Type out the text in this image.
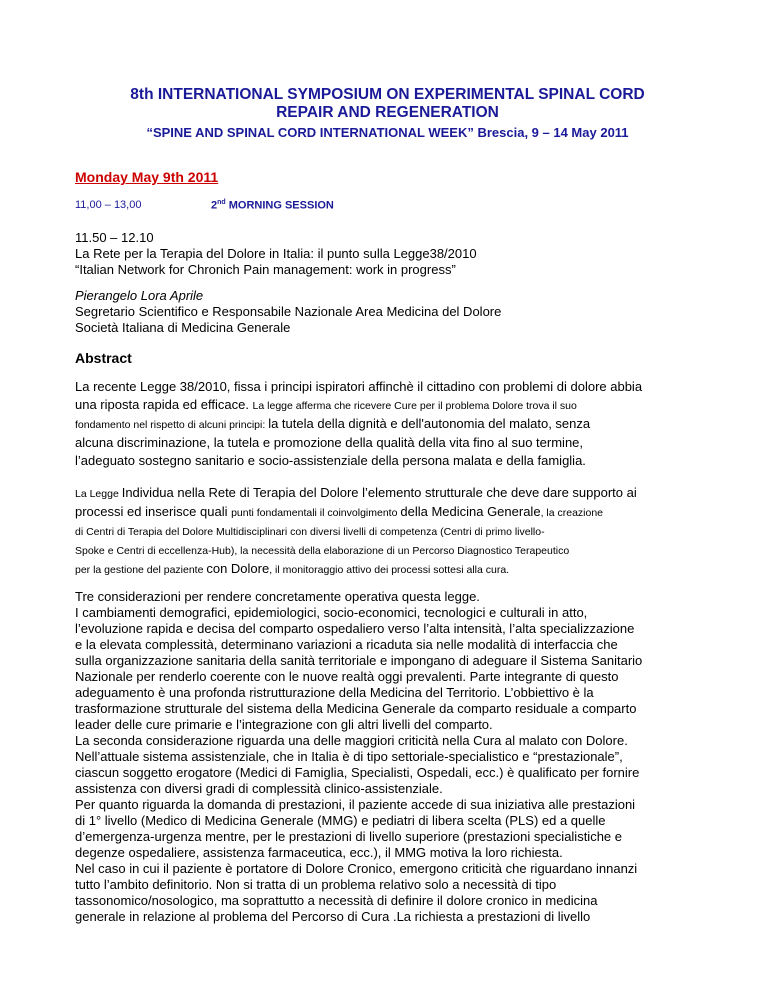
8th INTERNATIONAL SYMPOSIUM ON EXPERIMENTAL SPINAL CORD
REPAIR AND REGENERATION
“SPINE AND SPINAL CORD INTERNATIONAL WEEK” Brescia, 9 – 14 May 2011
Monday May 9th 2011
11,00 – 13,00	2nd MORNING SESSION
11.50 – 12.10
La Rete per la Terapia del Dolore in Italia: il punto sulla Legge38/2010
“Italian Network for Chronich Pain management: work in progress”
Pierangelo Lora Aprile
Segretario Scientifico e Responsabile Nazionale Area Medicina del Dolore
Società Italiana di Medicina Generale
Abstract
La recente Legge 38/2010, fissa i principi ispiratori affinchè il cittadino con problemi di dolore abbia
una riposta rapida ed efficace. La legge afferma che ricevere Cure per il problema Dolore trova il suo
fondamento nel rispetto di alcuni principi: la tutela della dignità e dell'autonomia del malato, senza
alcuna discriminazione, la tutela e promozione della qualità della vita fino al suo termine,
l’adeguato sostegno sanitario e socio-assistenziale della persona malata e della famiglia.
La Legge Individua nella Rete di Terapia del Dolore l’elemento strutturale che deve dare supporto ai
processi ed inserisce quali punti fondamentali il coinvolgimento della Medicina Generale, la creazione
di Centri di Terapia del Dolore Multidisciplinari con diversi livelli di competenza (Centri di primo livello-
Spoke e Centri di eccellenza-Hub), la necessità della elaborazione di un Percorso Diagnostico Terapeutico
per la gestione del paziente con Dolore, il monitoraggio attivo dei processi sottesi alla cura.
Tre considerazioni per rendere concretamente operativa questa legge.
I cambiamenti demografici, epidemiologici, socio-economici, tecnologici e culturali in atto,
l’evoluzione rapida e decisa del comparto ospedaliero verso l’alta intensità, l’alta specializzazione
e la elevata complessità, determinano variazioni a ricaduta sia nelle modalità di interfaccia che
sulla organizzazione sanitaria della sanità territoriale e impongano di adeguare il Sistema Sanitario
Nazionale per renderlo coerente con le nuove realtà oggi prevalenti. Parte integrante di questo
adeguamento è una profonda ristrutturazione della Medicina del Territorio. L’obbiettivo è la
trasformazione strutturale del sistema della Medicina Generale da comparto residuale a comparto
leader delle cure primarie e l’integrazione con gli altri livelli del comparto.
La seconda considerazione riguarda una delle maggiori criticità nella Cura al malato con Dolore.
Nell’attuale sistema assistenziale, che in Italia è di tipo settoriale-specialistico e “prestazionale”,
ciascun soggetto erogatore (Medici di Famiglia, Specialisti, Ospedali, ecc.) è qualificato per fornire
assistenza con diversi gradi di complessità clinico-assistenziale.
Per quanto riguarda la domanda di prestazioni, il paziente accede di sua iniziativa alle prestazioni
di 1° livello (Medico di Medicina Generale (MMG) e pediatri di libera scelta (PLS) ed a quelle
d’emergenza-urgenza mentre, per le prestazioni di livello superiore (prestazioni specialistiche e
degenze ospedaliere, assistenza farmaceutica, ecc.), il MMG motiva la loro richiesta.
Nel caso in cui il paziente è portatore di Dolore Cronico, emergono criticità che riguardano innanzi
tutto l’ambito definitorio. Non si tratta di un problema relativo solo a necessità di tipo
tassonomico/nosologico, ma soprattutto a necessità di definire il dolore cronico in medicina
generale in relazione al problema del Percorso di Cura .La richiesta a prestazioni di livello
